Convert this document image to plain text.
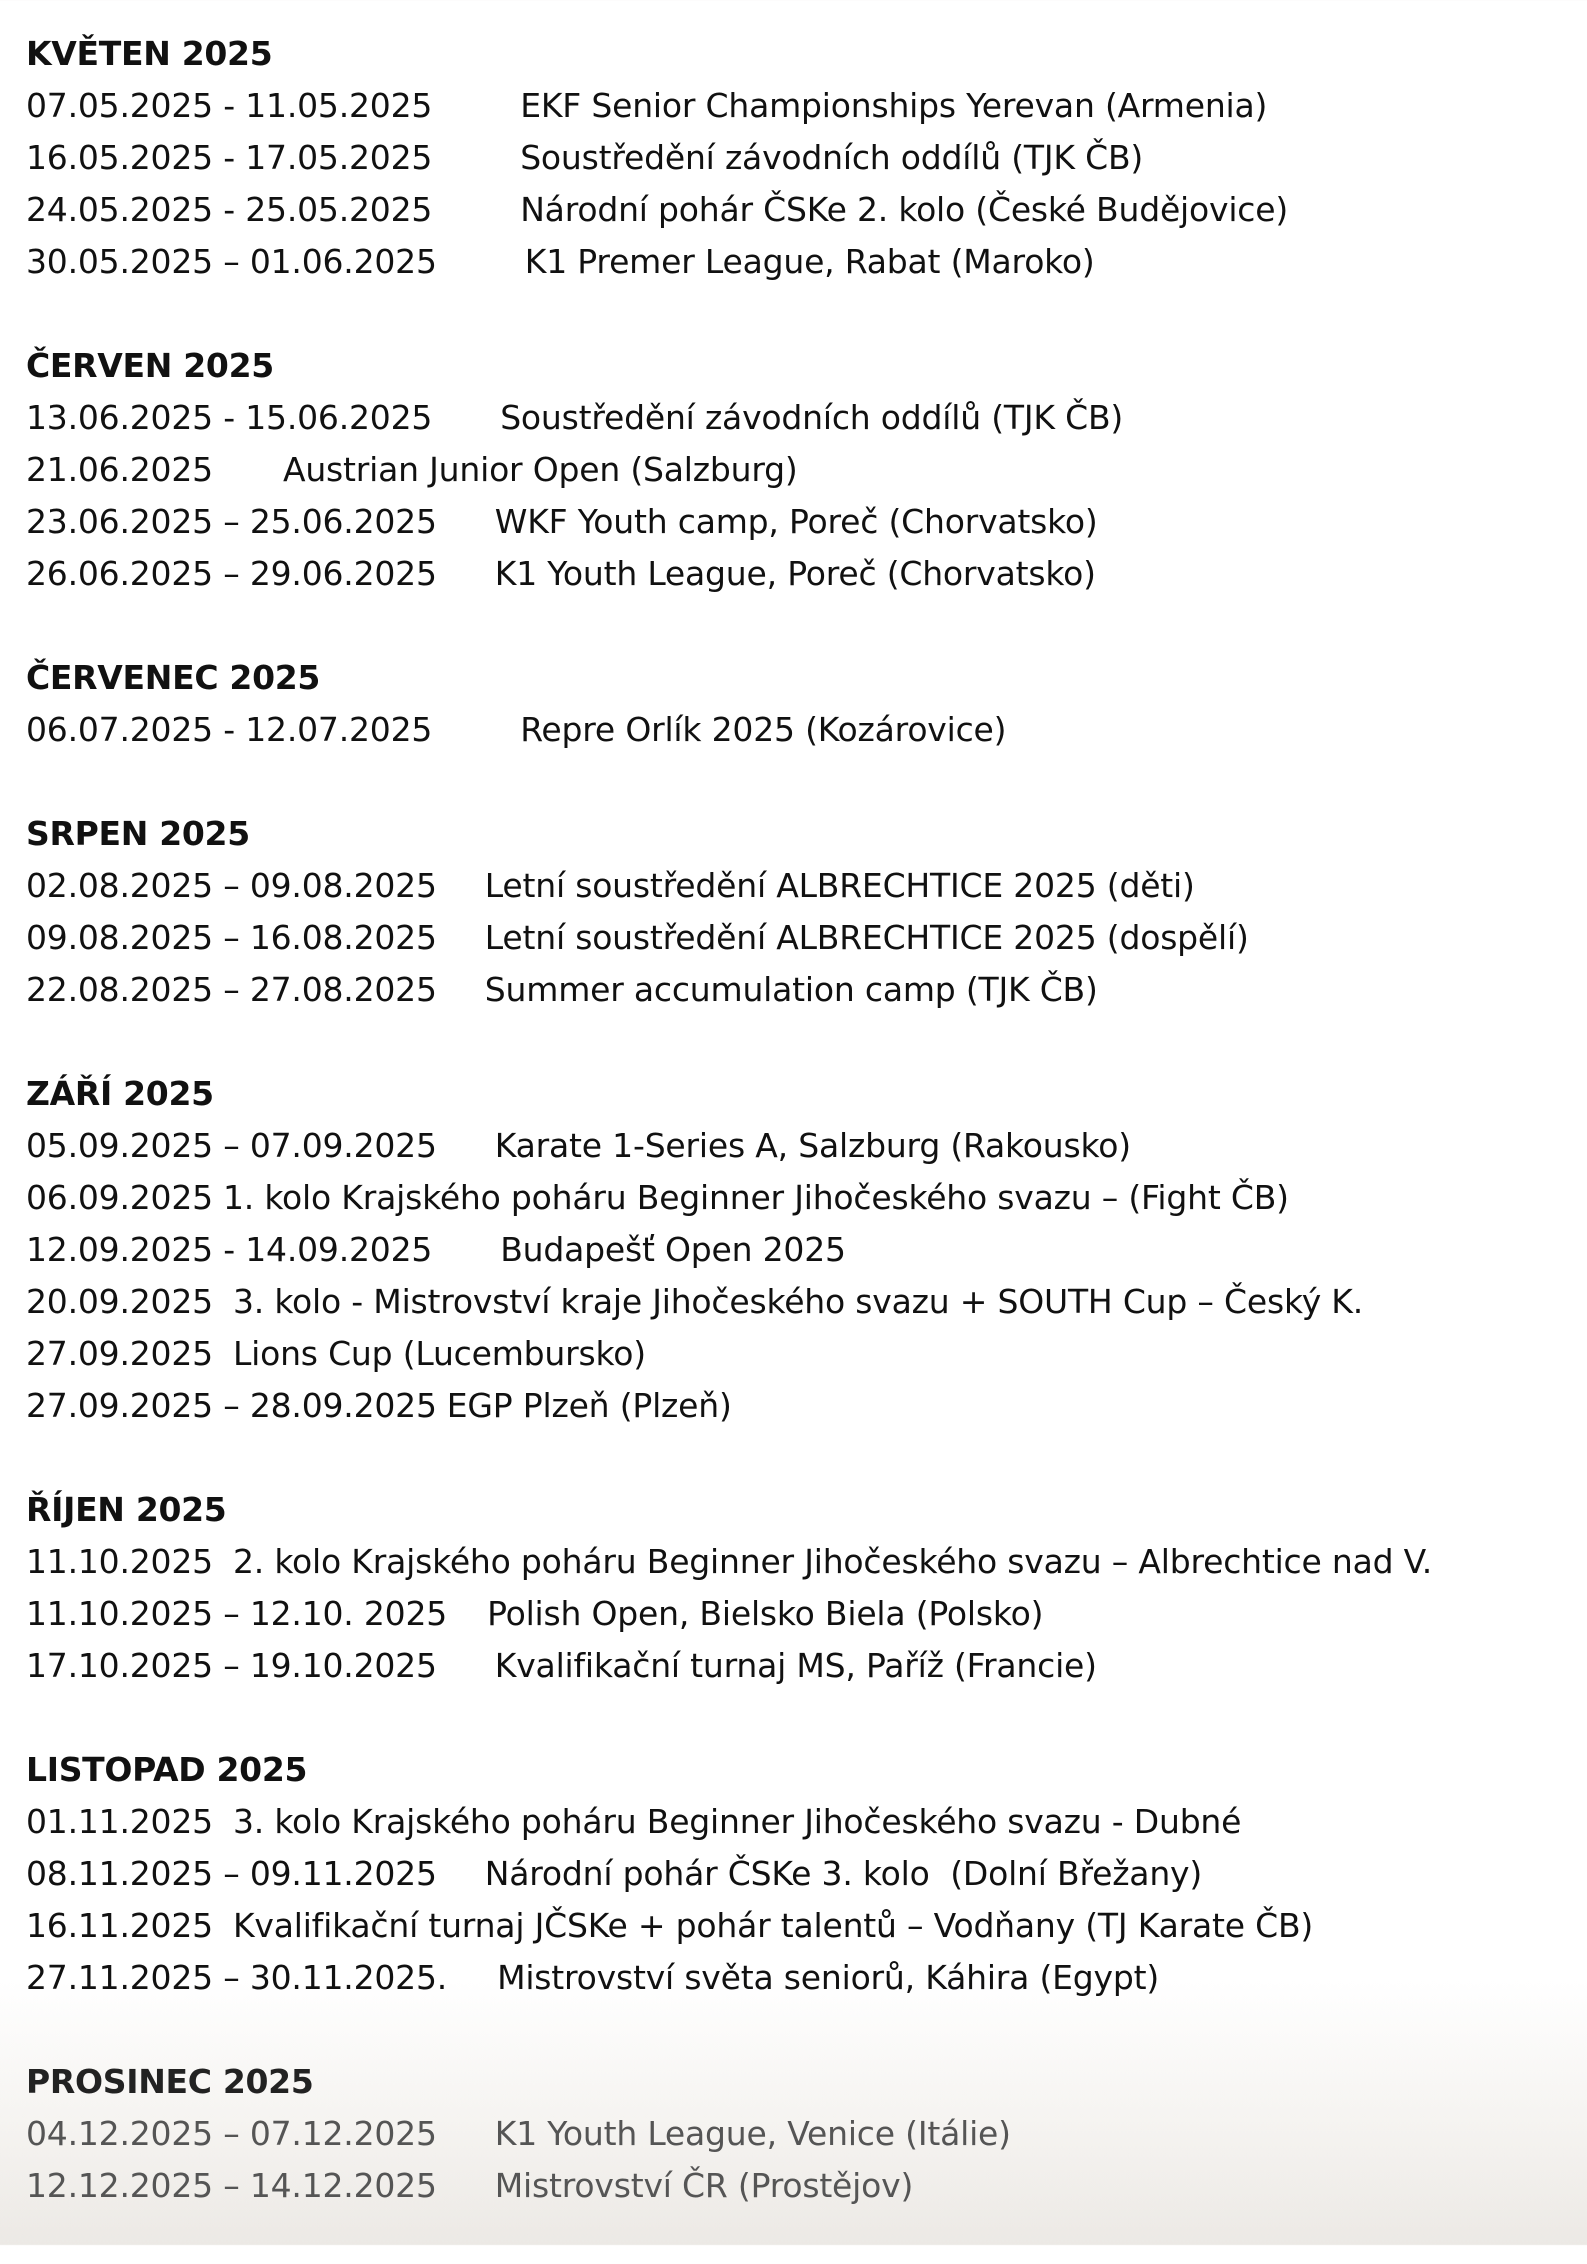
KVĚTEN 2025
07.05.2025 - 11.05.2025	EKF Senior Championships Yerevan (Armenia)
16.05.2025 - 17.05.2025	Soustředění závodních oddílů (TJK ČB)
24.05.2025 - 25.05.2025	Národní pohár ČSKe 2. kolo (České Budějovice)
30.05.2025 – 01.06.2025	K1 Premer League, Rabat (Maroko)
ČERVEN 2025
13.06.2025 - 15.06.2025 Soustředění závodních oddílů (TJK ČB)
21.06.2025 Austrian Junior Open (Salzburg)
23.06.2025 – 25.06.2025 WKF Youth camp, Poreč (Chorvatsko)
26.06.2025 – 29.06.2025 K1 Youth League, Poreč (Chorvatsko)
ČERVENEC 2025
06.07.2025 - 12.07.2025	Repre Orlík 2025 (Kozárovice)
SRPEN 2025
02.08.2025 – 09.08.2025 Letní soustředění ALBRECHTICE 2025 (děti)
09.08.2025 – 16.08.2025 Letní soustředění ALBRECHTICE 2025 (dospělí)
22.08.2025 – 27.08.2025 Summer accumulation camp (TJK ČB)
ZÁŘÍ 2025
05.09.2025 – 07.09.2025 Karate 1-Series A, Salzburg (Rakousko)
06.09.2025 1. kolo Krajského poháru Beginner Jihočeského svazu – (Fight ČB)
12.09.2025 - 14.09.2025 Budapešť Open 2025
20.09.2025 3. kolo - Mistrovství kraje Jihočeského svazu + SOUTH Cup – Český K.
27.09.2025 Lions Cup (Lucembursko)
27.09.2025 – 28.09.2025 EGP Plzeň (Plzeň)
ŘÍJEN 2025
11.10.2025 2. kolo Krajského poháru Beginner Jihočeského svazu – Albrechtice nad V.
11.10.2025 – 12.10. 2025 Polish Open, Bielsko Biela (Polsko)
17.10.2025 – 19.10.2025 Kvalifikační turnaj MS, Paříž (Francie)
LISTOPAD 2025
01.11.2025 3. kolo Krajského poháru Beginner Jihočeského svazu - Dubné
08.11.2025 – 09.11.2025 Národní pohár ČSKe 3. kolo  (Dolní Břežany)
16.11.2025 Kvalifikační turnaj JČSKe + pohár talentů – Vodňany (TJ Karate ČB)
27.11.2025 – 30.11.2025. Mistrovství světa seniorů, Káhira (Egypt)
PROSINEC 2025
04.12.2025 – 07.12.2025 K1 Youth League, Venice (Itálie)
12.12.2025 – 14.12.2025 Mistrovství ČR (Prostějov)
